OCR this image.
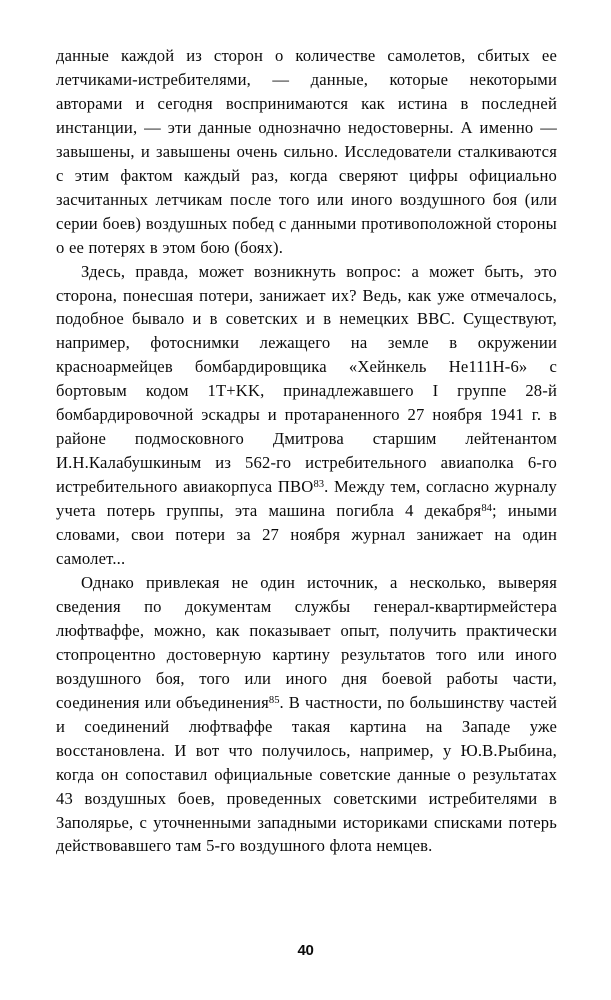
данные каждой из сторон о количестве самолетов, сбитых ее летчиками-истребителями, — данные, которые некоторыми авторами и сегодня воспринимаются как истина в последней инстанции, — эти данные однозначно недостоверны. А именно — завышены, и завышены очень сильно. Исследователи сталкиваются с этим фактом каждый раз, когда сверяют цифры официально засчитанных летчикам после того или иного воздушного боя (или серии боев) воздушных побед с данными противоположной стороны о ее потерях в этом бою (боях).

Здесь, правда, может возникнуть вопрос: а может быть, это сторона, понесшая потери, занижает их? Ведь, как уже отмечалось, подобное бывало и в советских и в немецких ВВС. Существуют, например, фотоснимки лежащего на земле в окружении красноармейцев бомбардировщика «Хейнкель He111H-6» с бортовым кодом 1T+KK, принадлежавшего I группе 28-й бомбардировочной эскадры и протараненного 27 ноября 1941 г. в районе подмосковного Дмитрова старшим лейтенантом И.Н.Калабушкиным из 562-го истребительного авиаполка 6-го истребительного авиакорпуса ПВО$^{83}$. Между тем, согласно журналу учета потерь группы, эта машина погибла 4 декабря$^{84}$; иными словами, свои потери за 27 ноября журнал занижает на один самолет...

Однако привлекая не один источник, а несколько, выверяя сведения по документам службы генерал-квартирмейстера люфтваффе, можно, как показывает опыт, получить практически стопроцентно достоверную картину результатов того или иного воздушного боя, того или иного дня боевой работы части, соединения или объединения$^{85}$. В частности, по большинству частей и соединений люфтваффе такая картина на Западе уже восстановлена. И вот что получилось, например, у Ю.В.Рыбина, когда он сопоставил официальные советские данные о результатах 43 воздушных боев, проведенных советскими истребителями в Заполярье, с уточненными западными историками списками потерь действовавшего там 5-го воздушного флота немцев.

40
